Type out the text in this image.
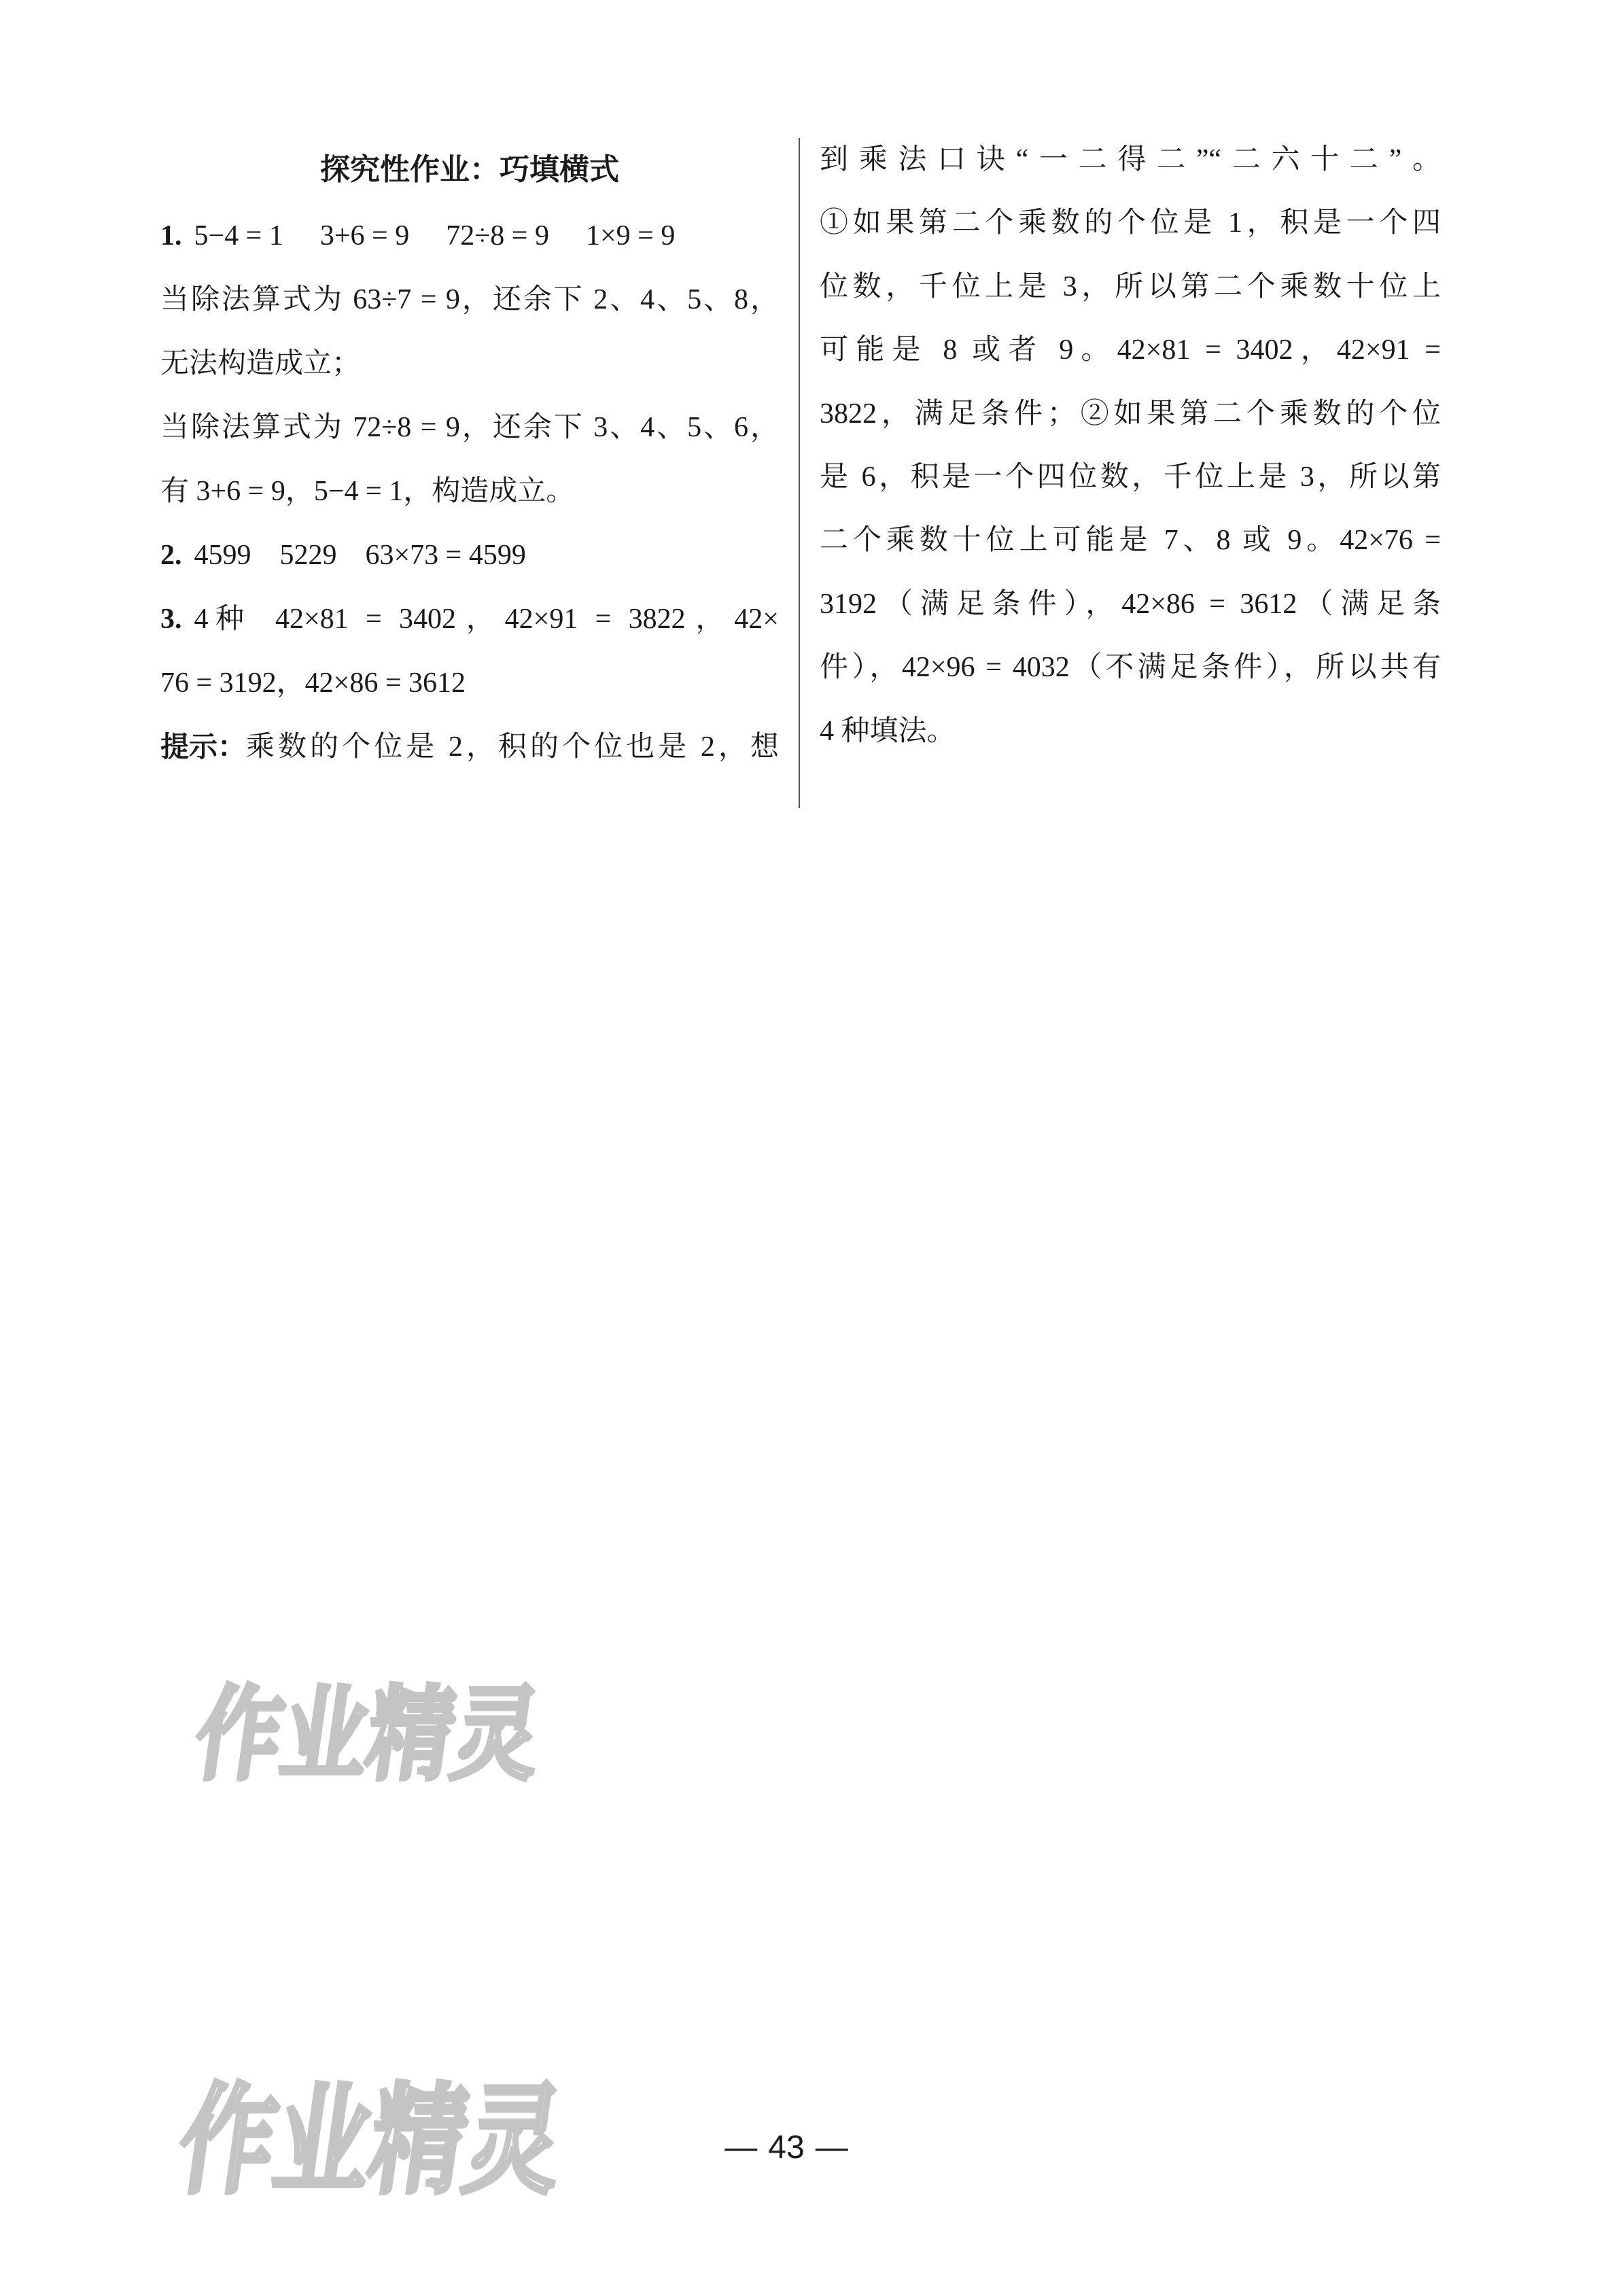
探究性作业：巧填横式
1. 5−4 = 1 3+6 = 9 72÷8 = 9 1×9 = 9
当除法算式为 63÷7 = 9，还余下 2、4、5、8，
无法构造成立；
当除法算式为 72÷8 = 9，还余下 3、4、5、6，
有 3+6 = 9，5−4 = 1，构造成立。
2. 4599 5229 63×73 = 4599
3. 4 种 42×81 = 3402，42×91 = 3822，42×
76 = 3192，42×86 = 3612
提示： 乘数的个位是 2，积的个位也是 2，想
到乘法口诀“一二得二”“二六十二”。
①如果第二个乘数的个位是 1，积是一个四
位数，千位上是 3，所以第二个乘数十位上
可能是 8 或者 9。42×81 = 3402，42×91 =
3822，满足条件；②如果第二个乘数的个位
是 6，积是一个四位数，千位上是 3，所以第
二个乘数十位上可能是 7、8 或 9。42×76 =
3192（满足条件），42×86 = 3612（满足条
件），42×96 = 4032（不满足条件），所以共有
4 种填法。
作业精灵
作业精灵	— 43 —
